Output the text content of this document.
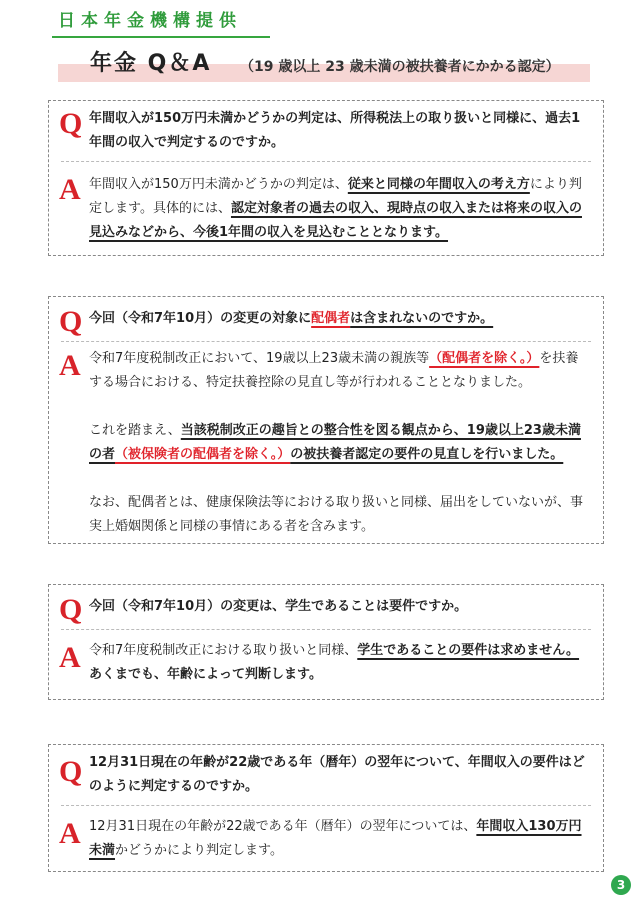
日本年金機構提供
年金 Q＆A （19 歳以上 23 歳未満の被扶養者にかかる認定）
Q 年間収入が150万円未満かどうかの判定は、所得税法上の取り扱いと同様に、過去1年間の収入で判定するのですか。

A 年間収入が150万円未満かどうかの判定は、従来と同様の年間収入の考え方により判定します。具体的には、認定対象者の過去の収入、現時点の収入または将来の収入の見込みなどから、今後1年間の収入を見込むこととなります。

Q 今回（令和7年10月）の変更の対象に配偶者は含まれないのですか。

A 令和7年度税制改正において、19歳以上23歳未満の親族等（配偶者を除く。）を扶養する場合における、特定扶養控除の見直し等が行われることとなりました。

これを踏まえ、当該税制改正の趣旨との整合性を図る観点から、19歳以上23歳未満の者（被保険者の配偶者を除く。）の被扶養者認定の要件の見直しを行いました。

なお、配偶者とは、健康保険法等における取り扱いと同様、届出をしていないが、事実上婚姻関係と同様の事情にある者を含みます。

Q 今回（令和7年10月）の変更は、学生であることは要件ですか。

A 令和7年度税制改正における取り扱いと同様、学生であることの要件は求めません。あくまでも、年齢によって判断します。

Q 12月31日現在の年齢が22歳である年（暦年）の翌年について、年間収入の要件はどのように判定するのですか。

A 12月31日現在の年齢が22歳である年（暦年）の翌年については、年間収入130万円未満かどうかにより判定します。

3
